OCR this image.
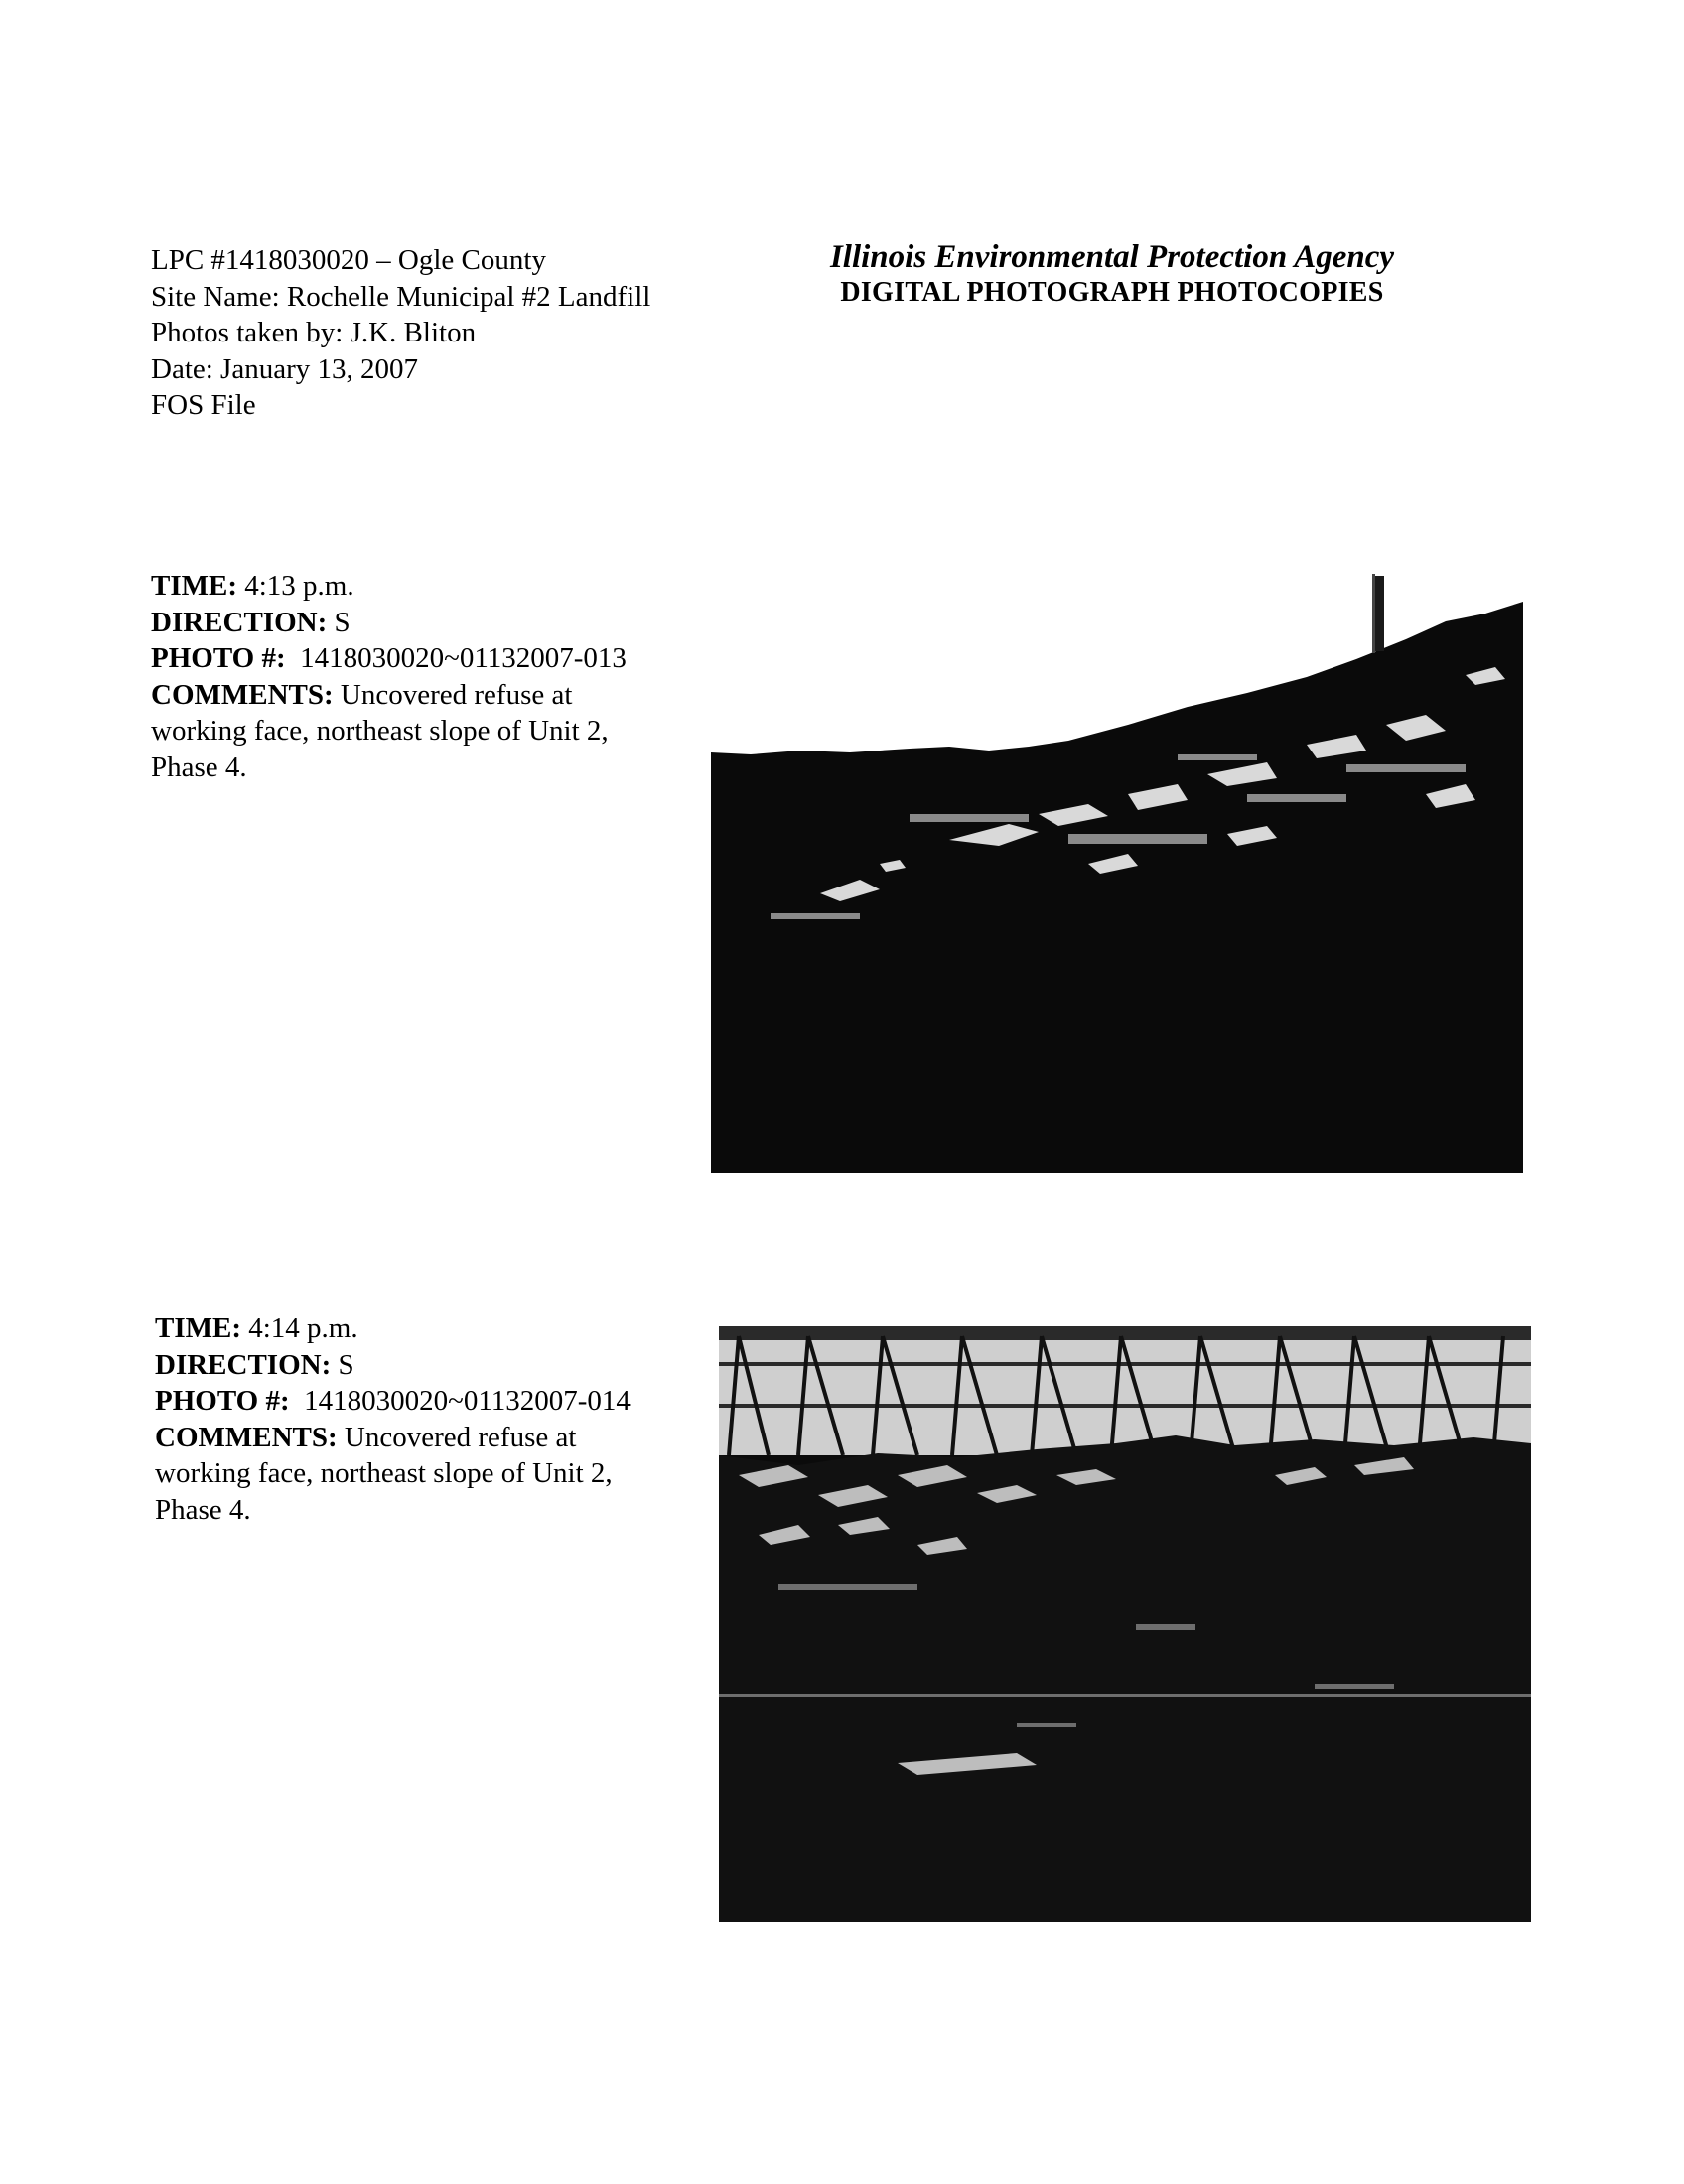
LPC #1418030020 – Ogle County
Site Name: Rochelle Municipal #2 Landfill
Photos taken by: J.K. Bliton
Date: January 13, 2007
FOS File
Illinois Environmental Protection Agency
DIGITAL PHOTOGRAPH PHOTOCOPIES
TIME: 4:13 p.m.
DIRECTION: S
PHOTO #:  1418030020~01132007-013
COMMENTS: Uncovered refuse at
working face, northeast slope of Unit 2,
Phase 4.
TIME: 4:14 p.m.
DIRECTION: S
PHOTO #:  1418030020~01132007-014
COMMENTS: Uncovered refuse at
working face, northeast slope of Unit 2,
Phase 4.
